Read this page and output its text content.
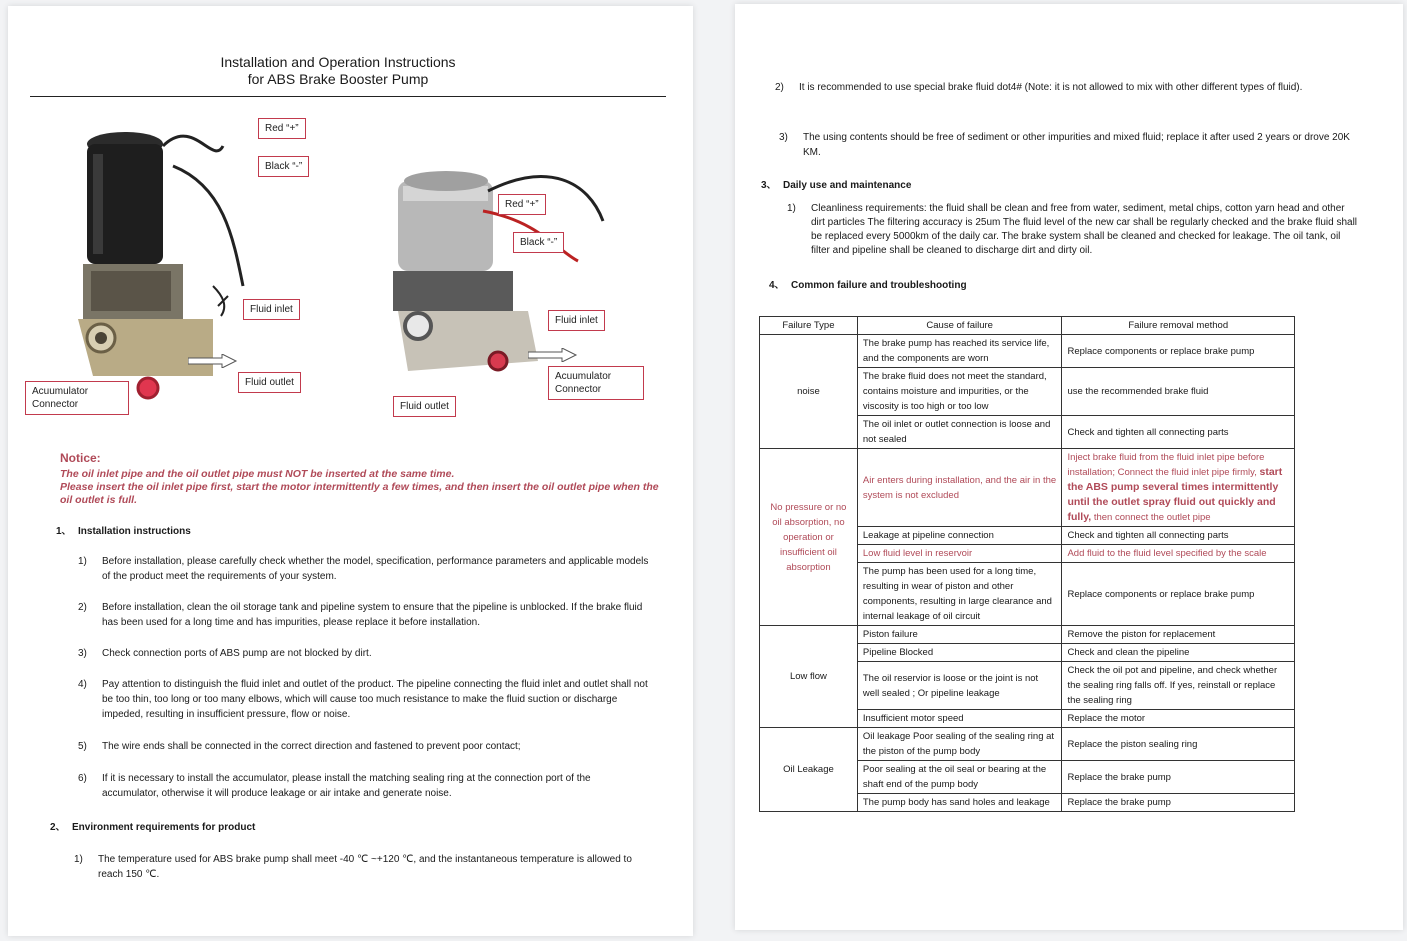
Installation and Operation Instructions
for ABS Brake Booster Pump
Red “+”
Black “-”
Fluid inlet
Fluid outlet
Acuumulator
Connector
Red “+”
Black “-”
Fluid inlet
Fluid outlet
Acuumulator
Connector
Notice:
The oil inlet pipe and the oil outlet pipe must NOT be inserted at the same time.
Please insert the oil inlet pipe first, start the motor intermittently a few times, and then insert the oil outlet pipe when the oil outlet is full.
1、 Installation instructions
1) Before installation, please carefully check whether the model, specification, performance parameters and applicable models of the product meet the requirements of your system.
2) Before installation, clean the oil storage tank and pipeline system to ensure that the pipeline is unblocked. If the brake fluid has been used for a long time and has impurities, please replace it before installation.
3) Check connection ports of ABS pump are not blocked by dirt.
4) Pay attention to distinguish the fluid inlet and outlet of the product. The pipeline connecting the fluid inlet and outlet shall not be too thin, too long or too many elbows, which will cause too much resistance to make the fluid suction or discharge impeded, resulting in insufficient pressure, flow or noise.
5) The wire ends shall be connected in the correct direction and fastened to prevent poor contact;
6) If it is necessary to install the accumulator, please install the matching sealing ring at the connection port of the accumulator, otherwise it will produce leakage or air intake and generate noise.
2、 Environment requirements for product
1) The temperature used for ABS brake pump shall meet -40 ℃ ~+120 ℃, and the instantaneous temperature is allowed to reach 150 ℃.
2) It is recommended to use special brake fluid dot4# (Note: it is not allowed to mix with other different types of fluid).
3) The using contents should be free of sediment or other impurities and mixed fluid; replace it after used 2 years or drove 20K KM.
3、 Daily use and maintenance
1) Cleanliness requirements: the fluid shall be clean and free from water, sediment, metal chips, cotton yarn head and other dirt particles The filtering accuracy is 25um The fluid level of the new car shall be regularly checked and the brake fluid shall be replaced every 5000km of the daily car. The brake system shall be cleaned and checked for leakage. The oil tank, oil filter and pipeline shall be cleaned to discharge dirt and dirty oil.
4、 Common failure and troubleshooting
Failure Type	Cause of failure	Failure removal method
noise	The brake pump has reached its service life, and the components are worn	Replace components or replace brake pump
	The brake fluid does not meet the standard, contains moisture and impurities, or the viscosity is too high or too low	use the recommended brake fluid
	The oil inlet or outlet connection is loose and not sealed	Check and tighten all connecting parts
No pressure or no oil absorption, no operation or insufficient oil absorption	Air enters during installation, and the air in the system is not excluded	Inject brake fluid from the fluid inlet pipe before installation; Connect the fluid inlet pipe firmly, start the ABS pump several times intermittently until the outlet spray fluid out quickly and fully, then connect the outlet pipe
	Leakage at pipeline connection	Check and tighten all connecting parts
	Low fluid level in reservoir	Add fluid to the fluid level specified by the scale
	The pump has been used for a long time, resulting in wear of piston and other components, resulting in large clearance and internal leakage of oil circuit	Replace components or replace brake pump
Low flow	Piston failure	Remove the piston for replacement
	Pipeline Blocked	Check and clean the pipeline
	The oil reservior is loose or the joint is not well sealed ; Or pipeline leakage	Check the oil pot and pipeline, and check whether the sealing ring falls off. If yes, reinstall or replace the sealing ring
	Insufficient motor speed	Replace the motor
Oil Leakage	Oil leakage Poor sealing of the sealing ring at the piston of the pump body	Replace the piston sealing ring
	Poor sealing at the oil seal or bearing at the shaft end of the pump body	Replace the brake pump
	The pump body has sand holes and leakage	Replace the brake pump
